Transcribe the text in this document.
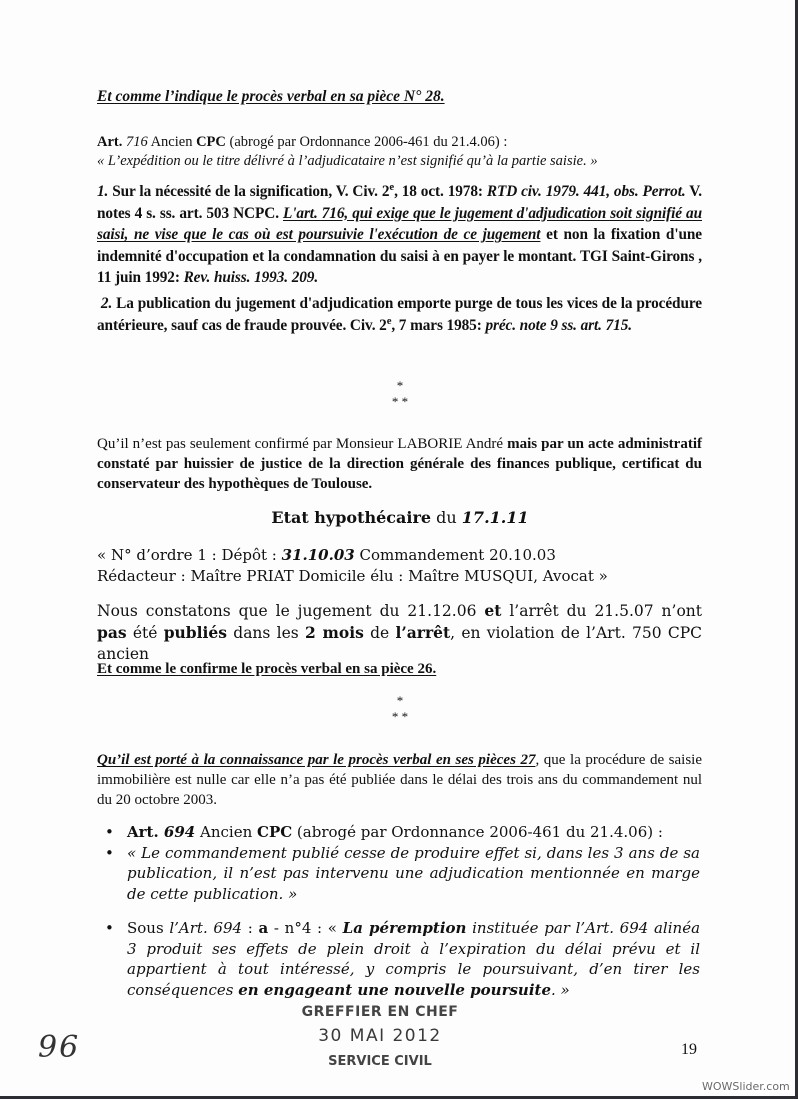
Et comme l’indique le procès verbal en sa pièce N° 28.
Art. 716 Ancien CPC (abrogé par Ordonnance 2006-461 du 21.4.06) :
« L’expédition ou le titre délivré à l’adjudicataire n’est signifié qu’à la partie saisie. »
1. Sur la nécessité de la signification, V. Civ. 2e, 18 oct. 1978: RTD civ. 1979. 441, obs. Perrot. V. notes 4 s. ss. art. 503 NCPC. L'art. 716, qui exige que le jugement d'adjudication soit signifié au saisi, ne vise que le cas où est poursuivie l'exécution de ce jugement et non la fixation d'une indemnité d'occupation et la condamnation du saisi à en payer le montant. TGI Saint-Girons , 11 juin 1992: Rev. huiss. 1993. 209.
2. La publication du jugement d'adjudication emporte purge de tous les vices de la procédure antérieure, sauf cas de fraude prouvée. Civ. 2e, 7 mars 1985: préc. note 9 ss. art. 715.
*
* *
Qu’il n’est pas seulement confirmé par Monsieur LABORIE André mais par un acte administratif constaté par huissier de justice de la direction générale des finances publique, certificat du conservateur des hypothèques de Toulouse.
Etat hypothécaire du 17.1.11
« N° d’ordre 1 : Dépôt : 31.10.03 Commandement 20.10.03
Rédacteur : Maître PRIAT Domicile élu : Maître MUSQUI, Avocat »
Nous constatons que le jugement du 21.12.06 et l’arrêt du 21.5.07 n’ont pas été publiés dans les 2 mois de l’arrêt, en violation de l’Art. 750 CPC ancien
Et comme le confirme le procès verbal en sa pièce 26.
*
* *
Qu’il est porté à la connaissance par le procès verbal en ses pièces 27, que la procédure de saisie immobilière est nulle car elle n’a pas été publiée dans le délai des trois ans du commandement nul du 20 octobre 2003.
• Art. 694 Ancien CPC (abrogé par Ordonnance 2006-461 du 21.4.06) :
• « Le commandement publié cesse de produire effet si, dans les 3 ans de sa publication, il n’est pas intervenu une adjudication mentionnée en marge de cette publication. »
• Sous l’Art. 694 : a - n°4 : « La péremption instituée par l’Art. 694 alinéa 3 produit ses effets de plein droit à l’expiration du délai prévu et il appartient à tout intéressé, y compris le poursuivant, d’en tirer les conséquences en engageant une nouvelle poursuite. »
GREFFIER EN CHEF
30 MAI 2012
SERVICE CIVIL
96	19
WOWSlider.com
